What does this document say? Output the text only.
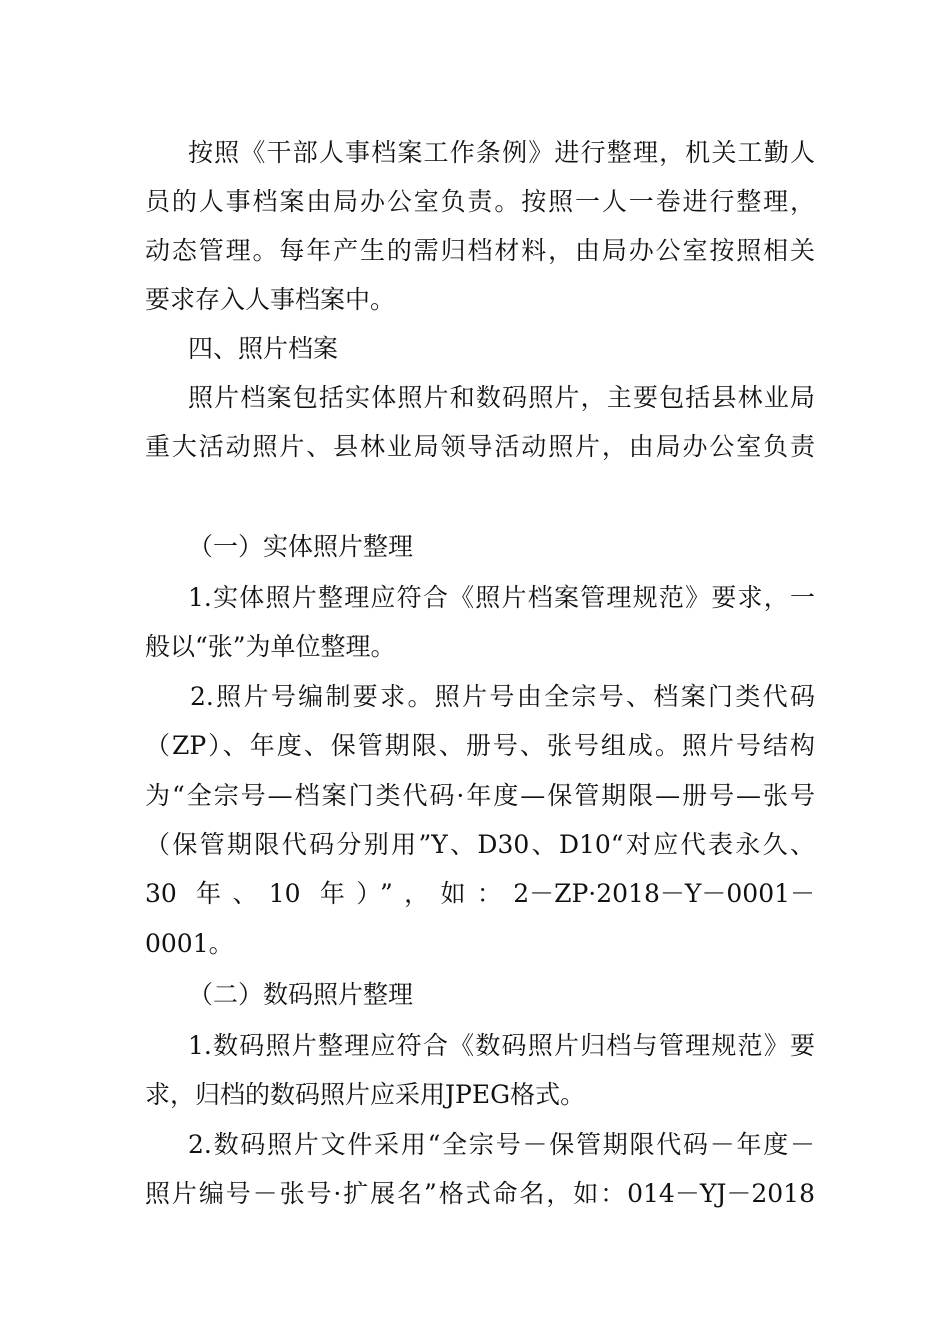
按照《干部人事档案工作条例》进行整理，机关工勤人
员的人事档案由局办公室负责。按照一人一卷进行整理，
动态管理。每年产生的需归档材料，由局办公室按照相关
要求存入人事档案中。
四、照片档案
照片档案包括实体照片和数码照片，主要包括县林业局
重大活动照片、县林业局领导活动照片，由局办公室负责
（一）实体照片整理
1.实体照片整理应符合《照片档案管理规范》要求，一
般以“张”为单位整理。
2.照片号编制要求。照片号由全宗号、档案门类代码
（ZP）、年度、保管期限、册号、张号组成。照片号结构
为“全宗号—档案门类代码·年度—保管期限—册号—张号
（保管期限代码分别用”Y、D30、D10“对应代表永久、
30 年、10 年）”，如：2－ZP·2018－Y－0001－
0001。
（二）数码照片整理
1.数码照片整理应符合《数码照片归档与管理规范》要
求，归档的数码照片应采用JPEG格式。
2.数码照片文件采用“全宗号－保管期限代码－年度－
照片编号－张号·扩展名”格式命名，如：014－YJ－2018
